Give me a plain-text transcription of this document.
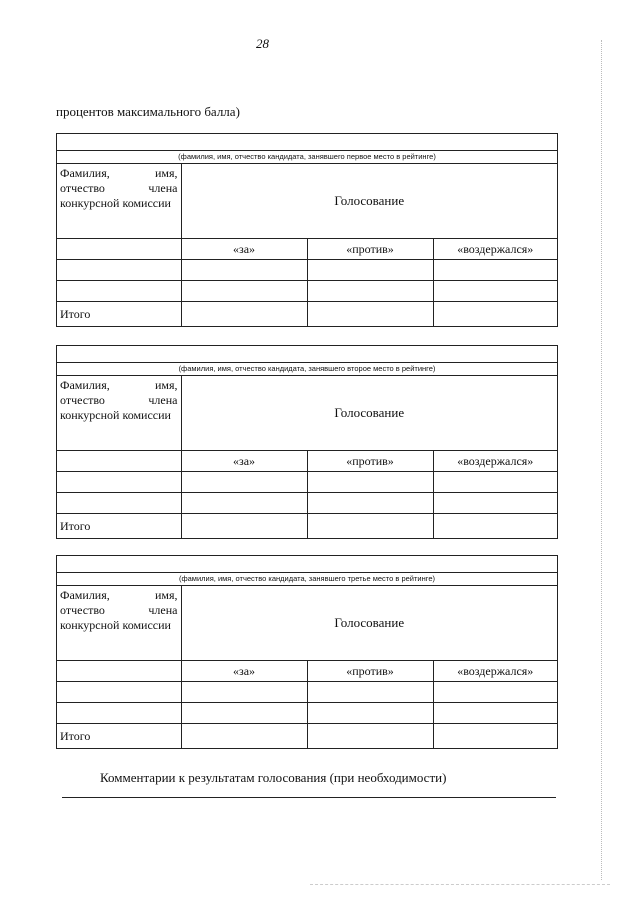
28
процентов максимального балла)
(фамилия, имя, отчество кандидата, занявшего первое место в рейтинге)
Фамилия, имя, отчество члена конкурсной комиссии	Голосование		

	«за»	«против»	«воздержался»

Итого			
(фамилия, имя, отчество кандидата, занявшего второе место в рейтинге)
Фамилия, имя, отчество члена конкурсной комиссии	Голосование		

	«за»	«против»	«воздержался»

Итого			
(фамилия, имя, отчество кандидата, занявшего третье место в рейтинге)
Фамилия, имя, отчество члена конкурсной комиссии	Голосование		

	«за»	«против»	«воздержался»

Итого			
Комментарии к результатам голосования (при необходимости)
